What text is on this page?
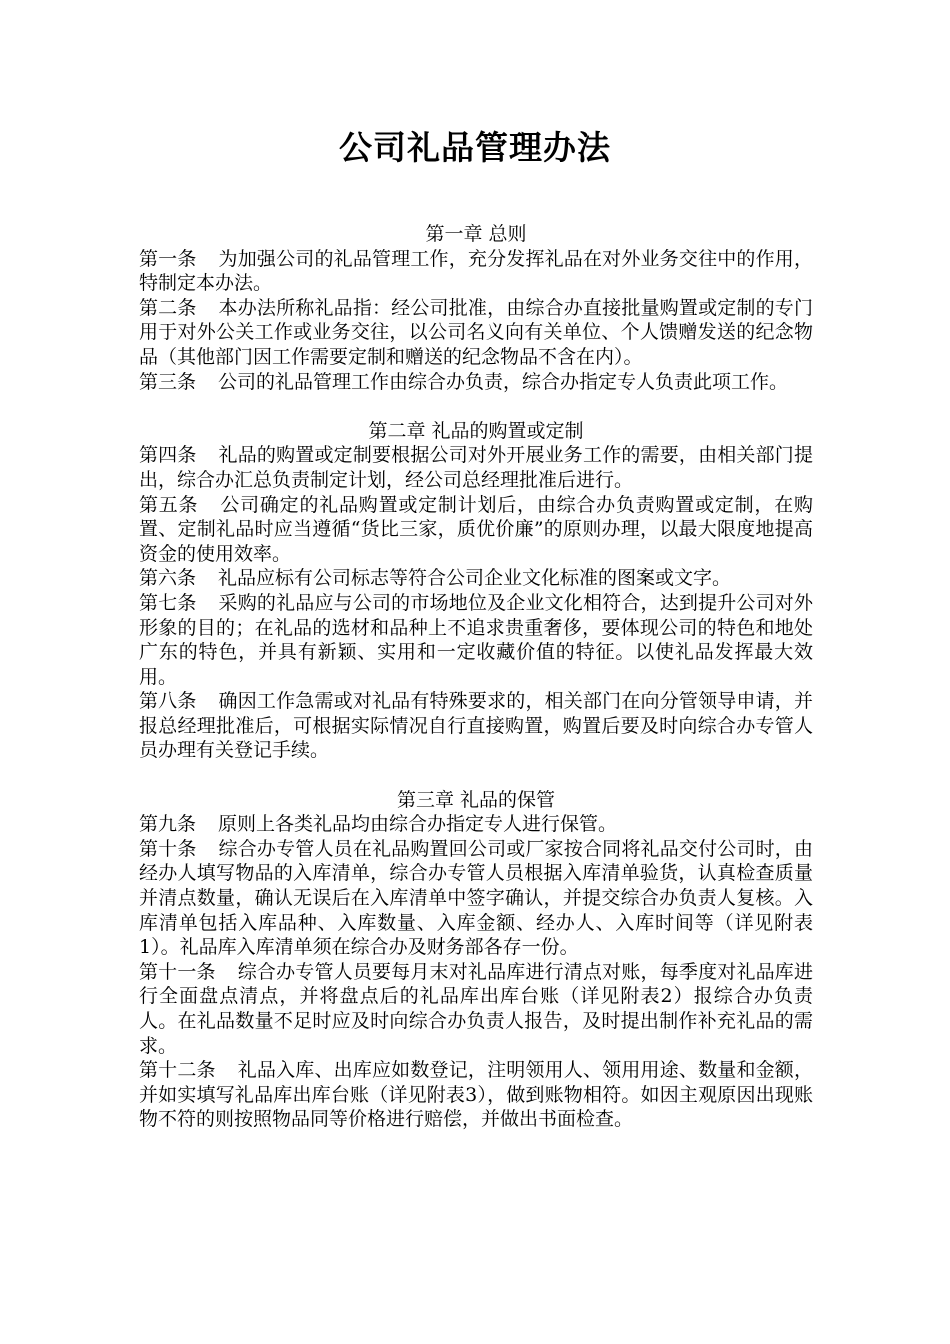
公司礼品管理办法

第一章 总则

第一条 为加强公司的礼品管理工作，充分发挥礼品在对外业务交往中的作用，特制定本办法。

第二条 本办法所称礼品指：经公司批准，由综合办直接批量购置或定制的专门用于对外公关工作或业务交往，以公司名义向有关单位、个人馈赠发送的纪念物品（其他部门因工作需要定制和赠送的纪念物品不含在内）。

第三条 公司的礼品管理工作由综合办负责，综合办指定专人负责此项工作。

第二章 礼品的购置或定制

第四条 礼品的购置或定制要根据公司对外开展业务工作的需要，由相关部门提出，综合办汇总负责制定计划，经公司总经理批准后进行。

第五条 公司确定的礼品购置或定制计划后，由综合办负责购置或定制，在购置、定制礼品时应当遵循“货比三家，质优价廉”的原则办理，以最大限度地提高资金的使用效率。

第六条 礼品应标有公司标志等符合公司企业文化标准的图案或文字。

第七条 采购的礼品应与公司的市场地位及企业文化相符合，达到提升公司对外形象的目的；在礼品的选材和品种上不追求贵重奢侈，要体现公司的特色和地处广东的特色，并具有新颖、实用和一定收藏价值的特征。以使礼品发挥最大效用。

第八条 确因工作急需或对礼品有特殊要求的，相关部门在向分管领导申请，并报总经理批准后，可根据实际情况自行直接购置，购置后要及时向综合办专管人员办理有关登记手续。

第三章 礼品的保管

第九条 原则上各类礼品均由综合办指定专人进行保管。

第十条 综合办专管人员在礼品购置回公司或厂家按合同将礼品交付公司时，由经办人填写物品的入库清单，综合办专管人员根据入库清单验货，认真检查质量并清点数量，确认无误后在入库清单中签字确认，并提交综合办负责人复核。入库清单包括入库品种、入库数量、入库金额、经办人、入库时间等（详见附表1）。礼品库入库清单须在综合办及财务部各存一份。

第十一条 综合办专管人员要每月末对礼品库进行清点对账，每季度对礼品库进行全面盘点清点，并将盘点后的礼品库出库台账（详见附表2）报综合办负责人。在礼品数量不足时应及时向综合办负责人报告，及时提出制作补充礼品的需求。

第十二条 礼品入库、出库应如数登记，注明领用人、领用用途、数量和金额，并如实填写礼品库出库台账（详见附表3），做到账物相符。如因主观原因出现账物不符的则按照物品同等价格进行赔偿，并做出书面检查。
